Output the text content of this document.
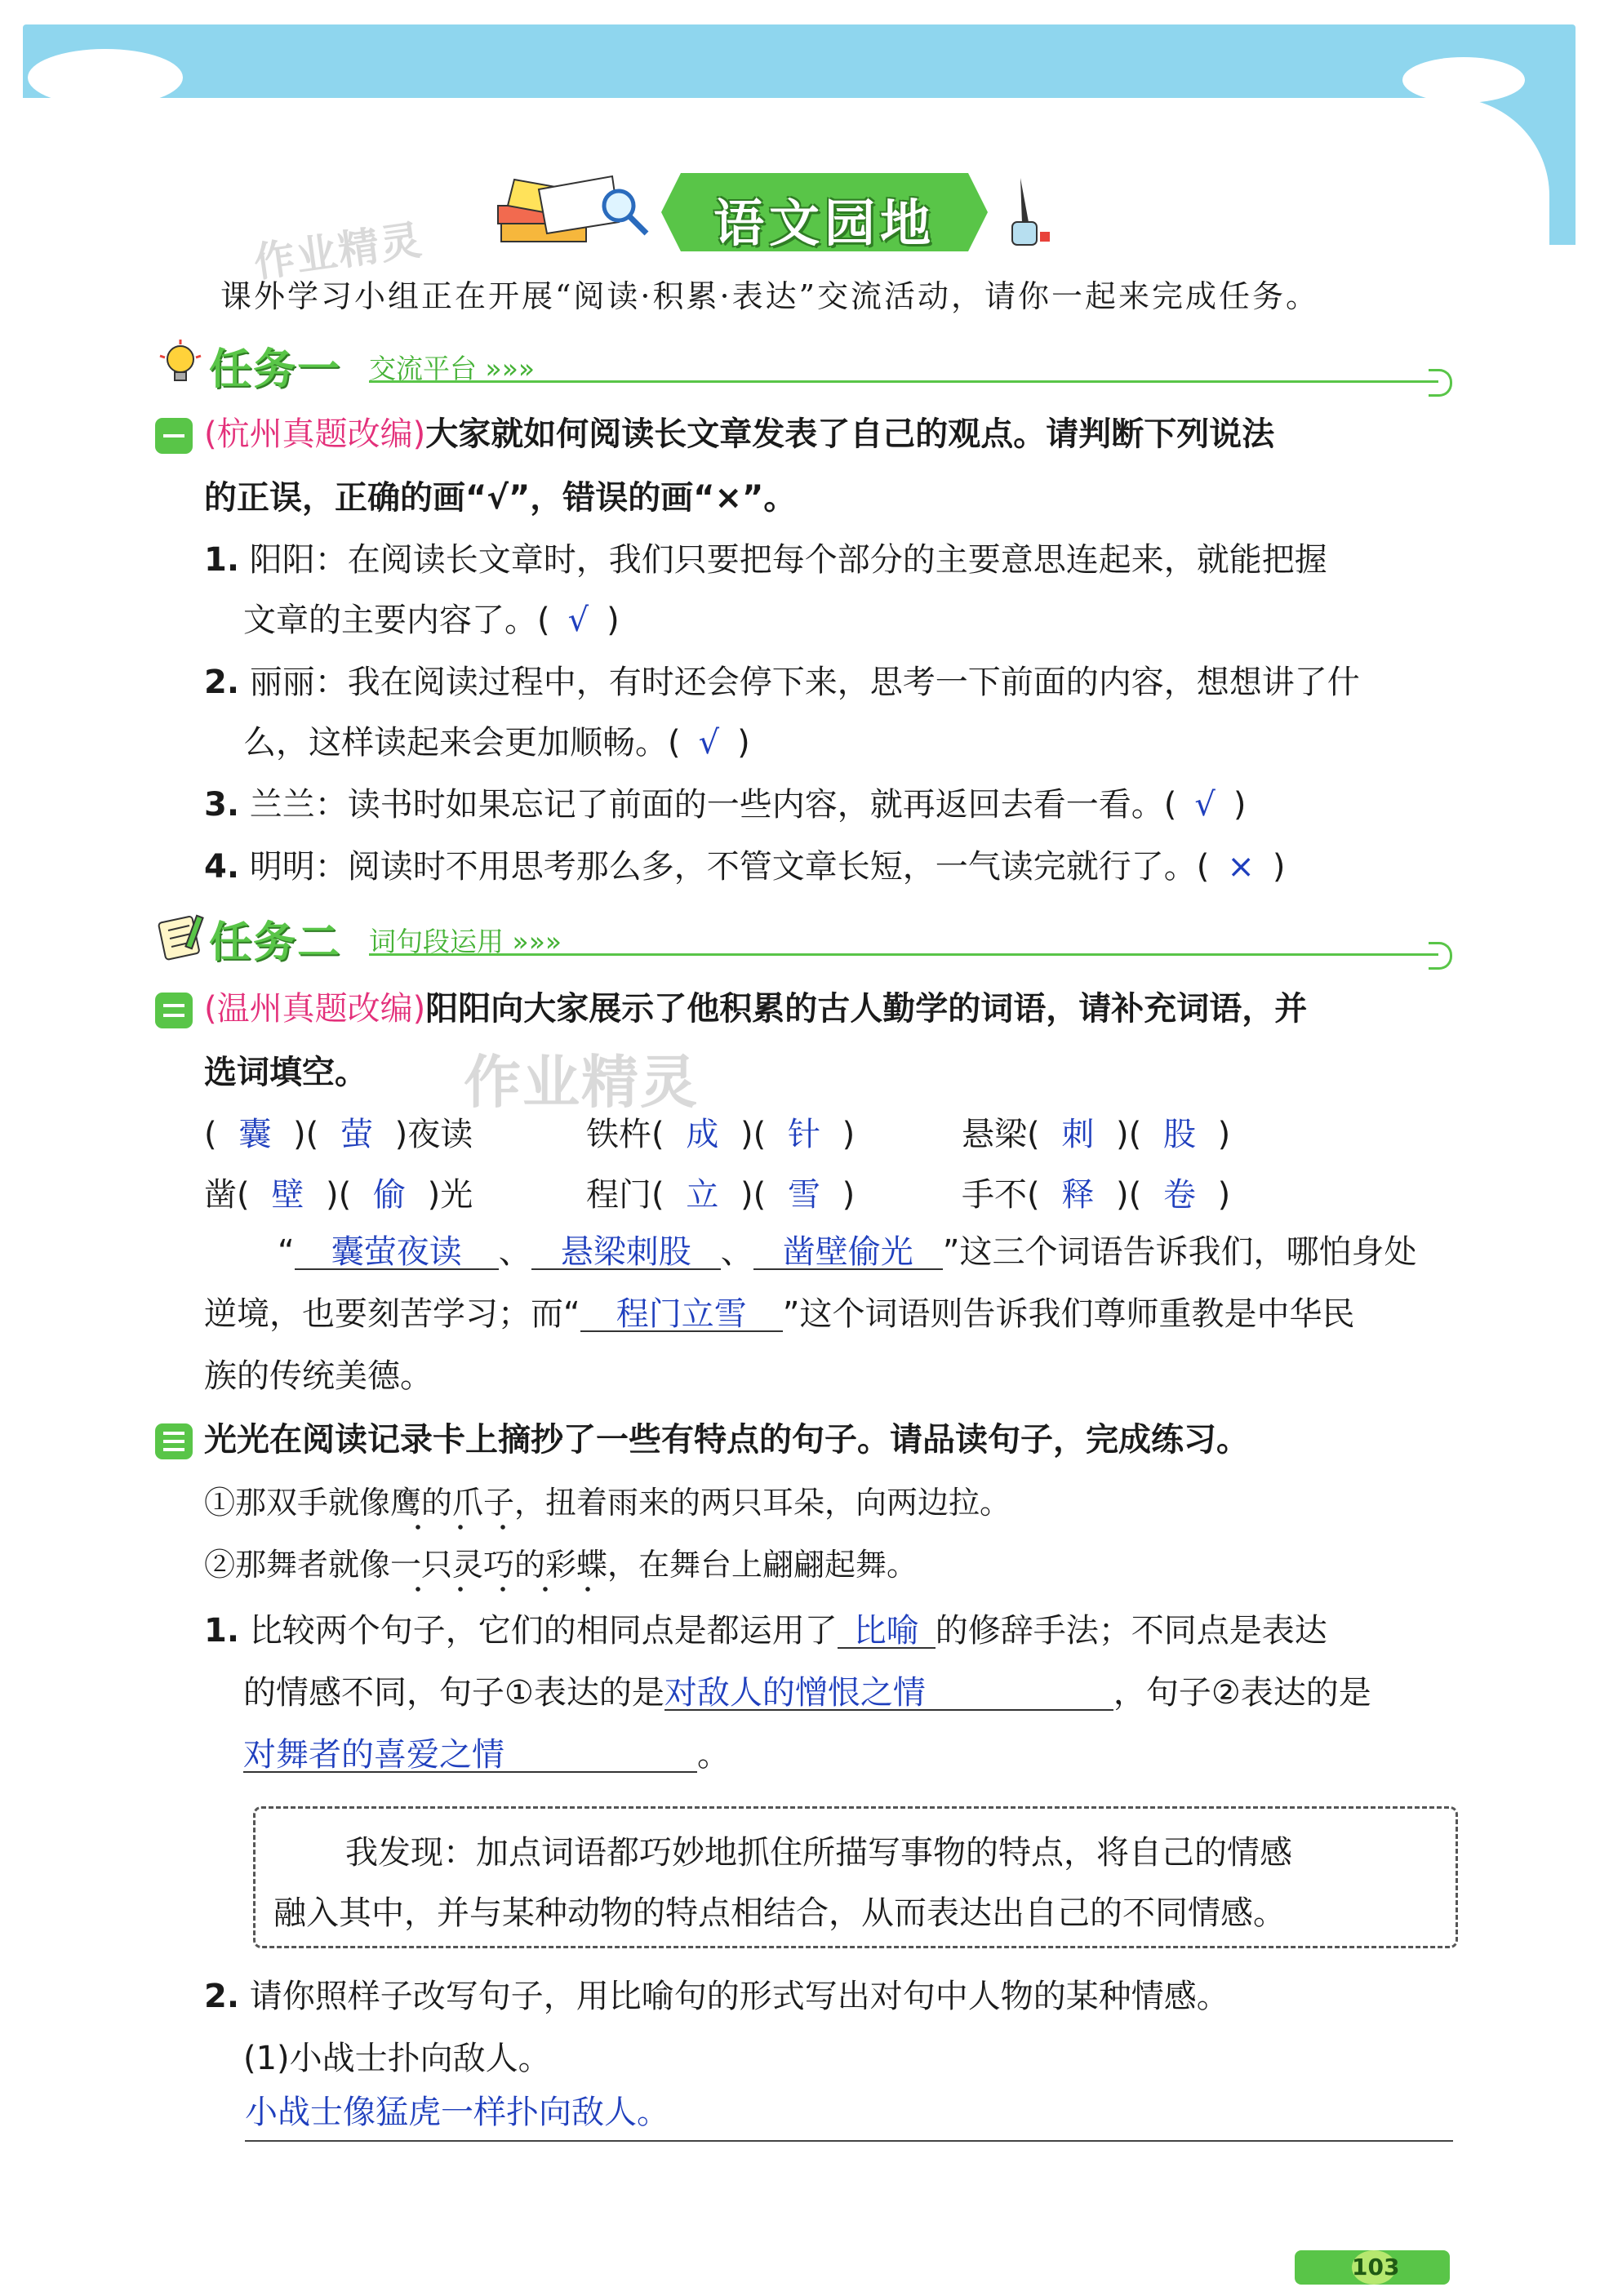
语文园地
作业精灵
课外学习小组正在开展“阅读·积累·表达”交流活动，请你一起来完成任务。
任务一 交流平台 »»»
(杭州真题改编)大家就如何阅读长文章发表了自己的观点。请判断下列说法
的正误，正确的画“√”，错误的画“×”。
1. 阳阳：在阅读长文章时，我们只要把每个部分的主要意思连起来，就能把握
文章的主要内容了。( √ )
2. 丽丽：我在阅读过程中，有时还会停下来，思考一下前面的内容，想想讲了什
么，这样读起来会更加顺畅。( √ )
3. 兰兰：读书时如果忘记了前面的一些内容，就再返回去看一看。( √ )
4. 明明：阅读时不用思考那么多，不管文章长短，一气读完就行了。( × )
任务二 词句段运用 »»»
(温州真题改编)阳阳向大家展示了他积累的古人勤学的词语，请补充词语，并
选词填空。 作业精灵
( 囊 )( 萤 )夜读	铁杵( 成 )( 针 )	悬梁( 刺 )( 股 )
凿( 壁 )( 偷 )光	程门( 立 )( 雪 )	手不( 释 )( 卷 )
“ 囊萤夜读 、 悬梁刺股 、 凿壁偷光 ”这三个词语告诉我们，哪怕身处
逆境，也要刻苦学习；而“ 程门立雪 ”这个词语则告诉我们尊师重教是中华民
族的传统美德。
光光在阅读记录卡上摘抄了一些有特点的句子。请品读句子，完成练习。
①那双手就像鹰的爪子，扭着雨来的两只耳朵，向两边拉。
②那舞者就像一只灵巧的彩蝶，在舞台上翩翩起舞。
1. 比较两个句子，它们的相同点是都运用了 比喻 的修辞手法；不同点是表达
的情感不同，句子①表达的是对敌人的憎恨之情	，句子②表达的是
对舞者的喜爱之情	。
我发现：加点词语都巧妙地抓住所描写事物的特点，将自己的情感
融入其中，并与某种动物的特点相结合，从而表达出自己的不同情感。
2. 请你照样子改写句子，用比喻句的形式写出对句中人物的某种情感。
(1)小战士扑向敌人。
小战士像猛虎一样扑向敌人。
103
